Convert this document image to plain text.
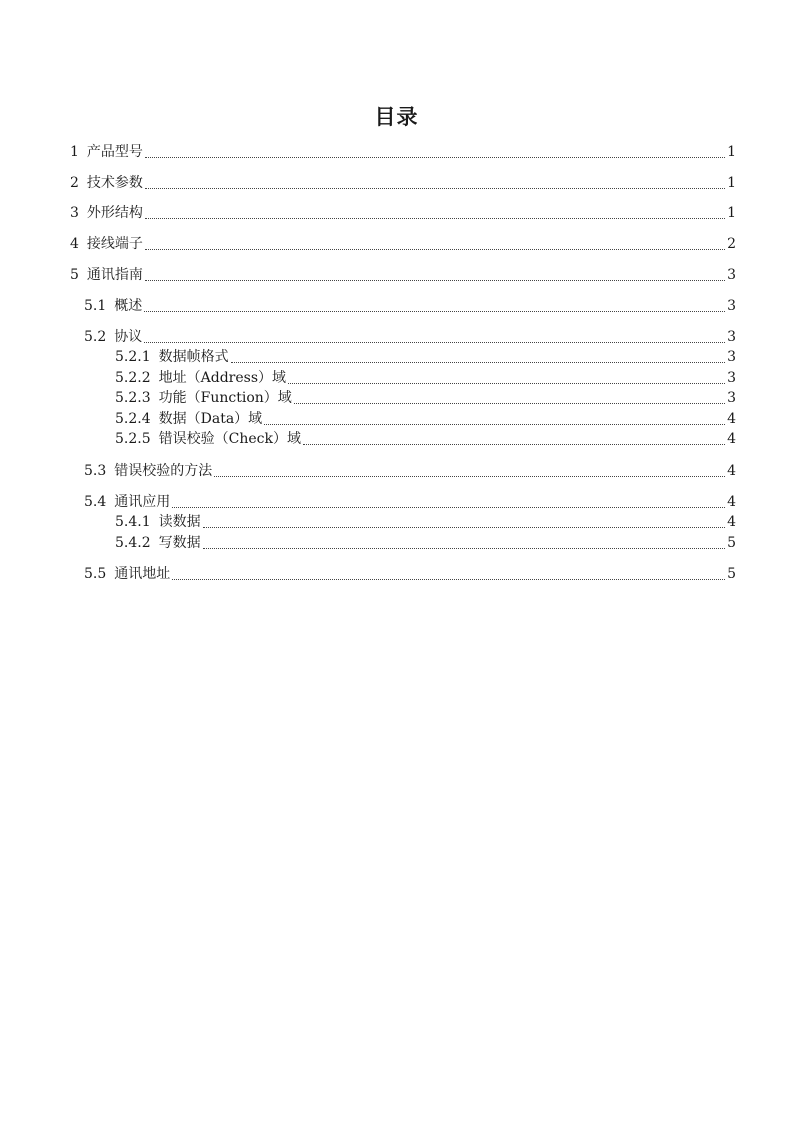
目录
1 产品型号	1
2 技术参数	1
3 外形结构	1
4 接线端子	2
5 通讯指南	3
5.1 概述	3
5.2 协议	3
5.2.1 数据帧格式	3
5.2.2 地址（Address）域	3
5.2.3 功能（Function）域	3
5.2.4 数据（Data）域	4
5.2.5 错误校验（Check）域	4
5.3 错误校验的方法	4
5.4 通讯应用	4
5.4.1 读数据	4
5.4.2 写数据	5
5.5 通讯地址	5
